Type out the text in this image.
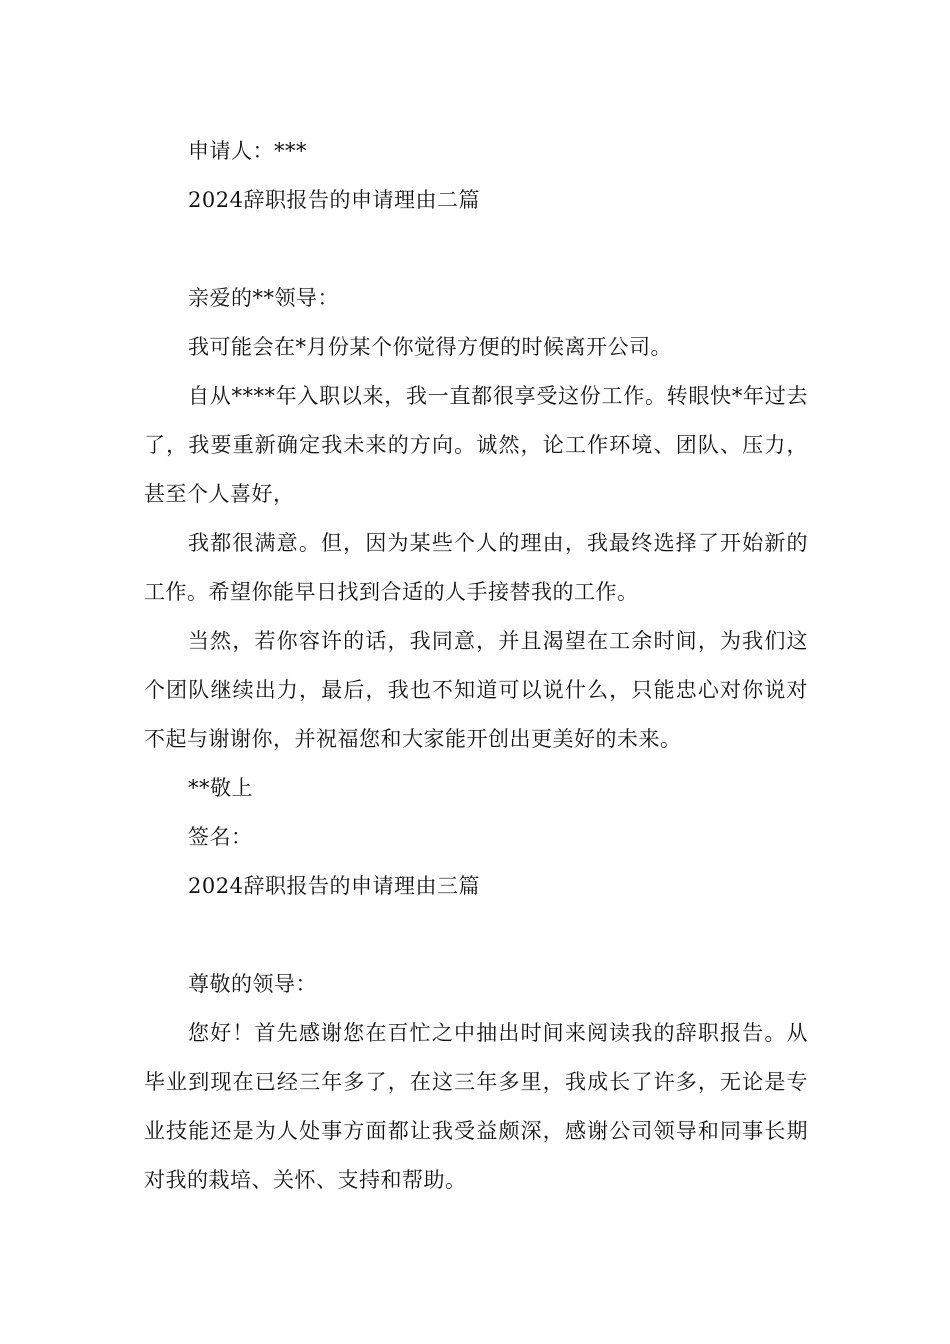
申请人：***

2024辞职报告的申请理由二篇

亲爱的**领导：

我可能会在*月份某个你觉得方便的时候离开公司。

自从****年入职以来，我一直都很享受这份工作。转眼快*年过去了，我要重新确定我未来的方向。诚然，论工作环境、团队、压力，甚至个人喜好，

我都很满意。但，因为某些个人的理由，我最终选择了开始新的工作。希望你能早日找到合适的人手接替我的工作。

当然，若你容许的话，我同意，并且渴望在工余时间，为我们这个团队继续出力，最后，我也不知道可以说什么，只能忠心对你说对不起与谢谢你，并祝福您和大家能开创出更美好的未来。

**敬上

签名：

2024辞职报告的申请理由三篇

尊敬的领导：

您好！首先感谢您在百忙之中抽出时间来阅读我的辞职报告。从毕业到现在已经三年多了，在这三年多里，我成长了许多，无论是专业技能还是为人处事方面都让我受益颇深，感谢公司领导和同事长期对我的栽培、关怀、支持和帮助。
